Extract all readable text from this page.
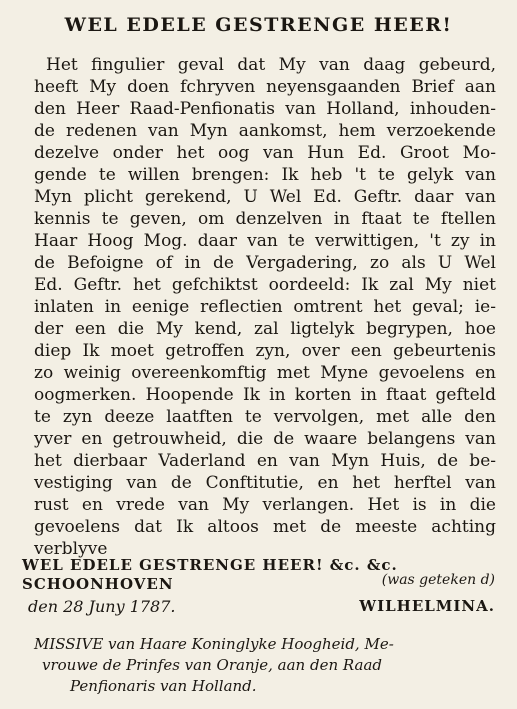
WEL EDELE GESTRENGE HEER!
Het fingulier geval dat My van daag gebeurd,
heeft My doen fchryven neyensgaanden Brief aan
den Heer Raad-Penfionatis van Holland, inhouden-
de redenen van Myn aankomst, hem verzoekende
dezelve onder het oog van Hun Ed. Groot Mo-
gende te willen brengen: Ik heb 't te gelyk van
Myn plicht gerekend, U Wel Ed. Geftr. daar van
kennis te geven, om denzelven in ftaat te ftellen
Haar Hoog Mog. daar van te verwittigen, 't zy in
de Befoigne of in de Vergadering, zo als U Wel
Ed. Geftr. het gefchiktst oordeeld: Ik zal My niet
inlaten in eenige reflectien omtrent het geval; ie-
der een die My kend, zal ligtelyk begrypen, hoe
diep Ik moet getroffen zyn, over een gebeurtenis
zo weinig overeenkomftig met Myne gevoelens en
oogmerken. Hoopende Ik in korten in ftaat gefteld
te zyn deeze laatften te vervolgen, met alle den
yver en getrouwheid, die de waare belangens van
het dierbaar Vaderland en van Myn Huis, de be-
vestiging van de Conftitutie, en het herftel van
rust en vrede van My verlangen. Het is in die
gevoelens dat Ik altoos met de meeste achting
verblyve
WEL EDELE GESTRENGE HEER! &c. &c.
SCHOONHOVEN	(was geteken d)
den 28 Juny 1787.	WILHELMINA.
MISSIVE van Haare Koninglyke Hoogheid, Me-
vrouwe de Prinfes van Oranje, aan den Raad
Penfionaris van Holland.
